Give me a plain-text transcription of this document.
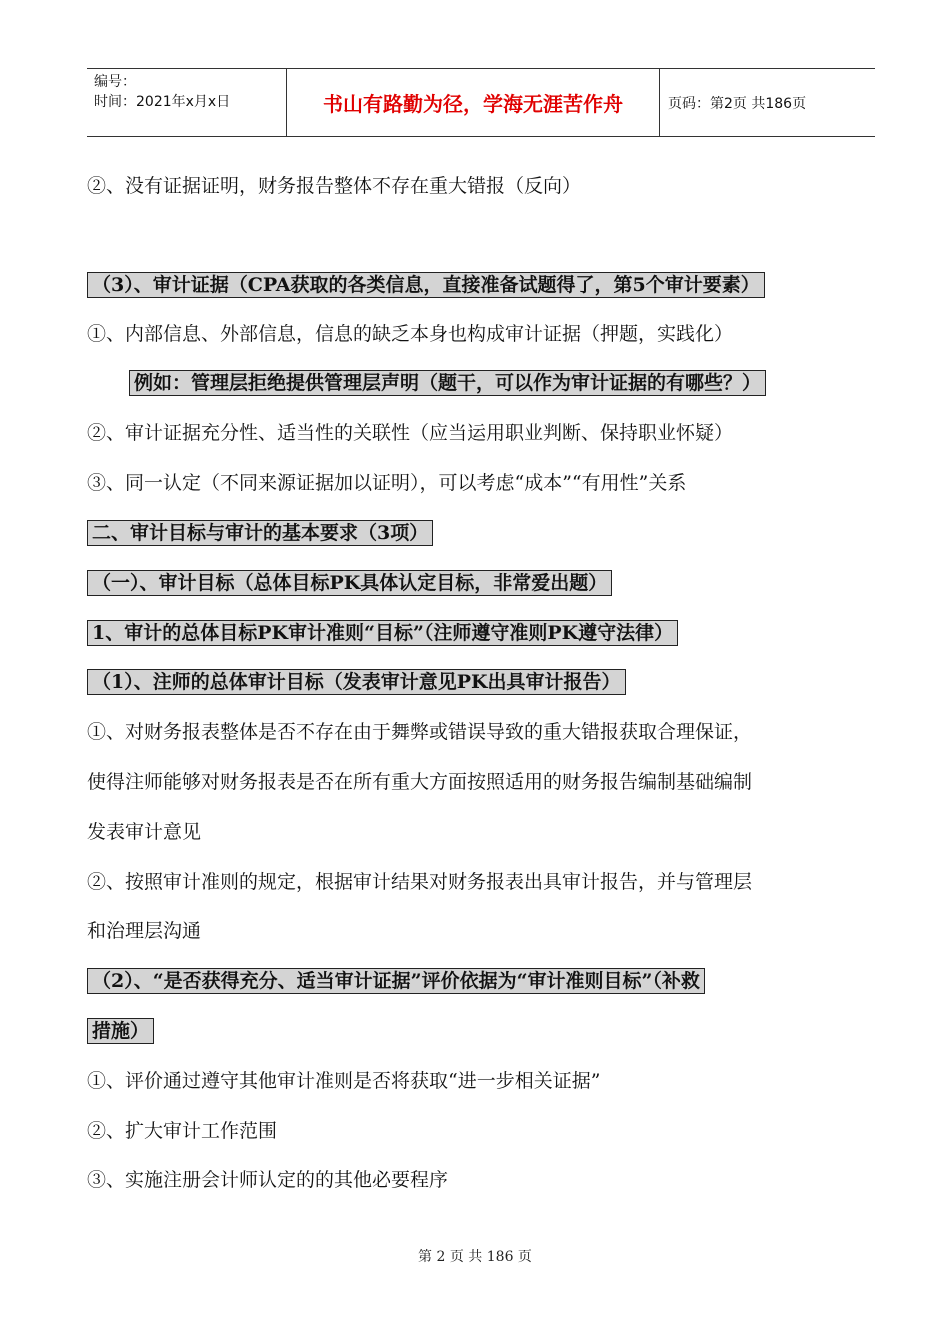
编号：
时间：2021年x月x日	书山有路勤为径，学海无涯苦作舟	页码：第2页 共186页
②、没有证据证明，财务报告整体不存在重大错报（反向）
（3）、审计证据（CPA获取的各类信息，直接准备试题得了，第5个审计要素）
①、内部信息、外部信息，信息的缺乏本身也构成审计证据（押题，实践化）
例如：管理层拒绝提供管理层声明（题干，可以作为审计证据的有哪些？）
②、审计证据充分性、适当性的关联性（应当运用职业判断、保持职业怀疑）
③、同一认定（不同来源证据加以证明），可以考虑“成本”“有用性”关系
二、审计目标与审计的基本要求（3项）
（一）、审计目标（总体目标PK具体认定目标，非常爱出题）
1、审计的总体目标PK审计准则“目标”（注师遵守准则PK遵守法律）
（1）、注师的总体审计目标（发表审计意见PK出具审计报告）
①、对财务报表整体是否不存在由于舞弊或错误导致的重大错报获取合理保证，
使得注师能够对财务报表是否在所有重大方面按照适用的财务报告编制基础编制
发表审计意见
②、按照审计准则的规定，根据审计结果对财务报表出具审计报告，并与管理层
和治理层沟通
（2）、“是否获得充分、适当审计证据”评价依据为“审计准则目标”（补救
措施）
①、评价通过遵守其他审计准则是否将获取“进一步相关证据”
②、扩大审计工作范围
③、实施注册会计师认定的的其他必要程序
第 2 页 共 186 页
